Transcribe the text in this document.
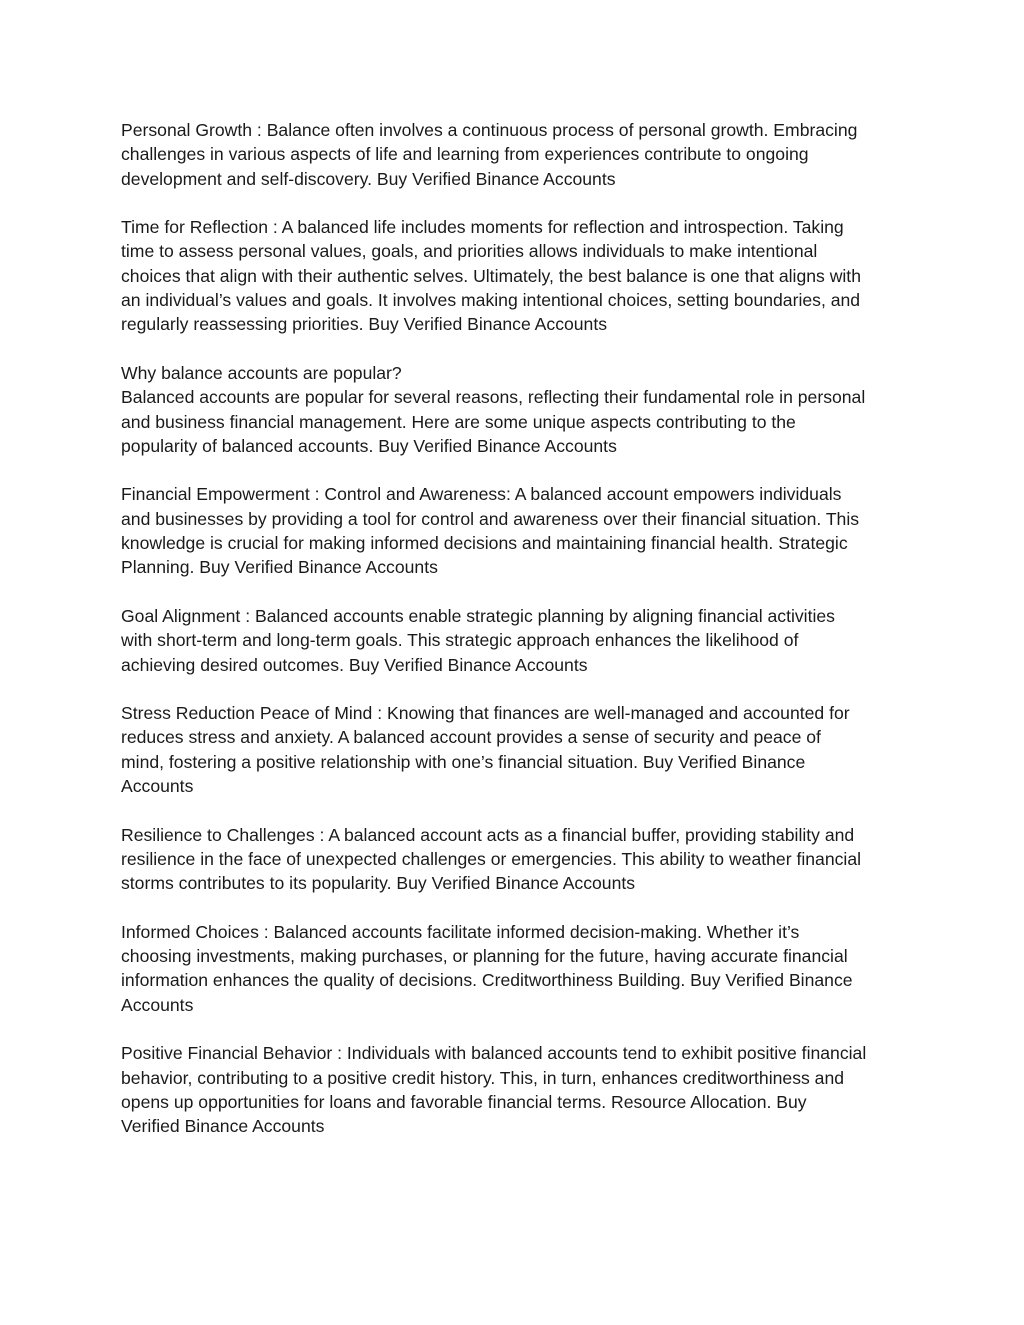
Personal Growth : Balance often involves a continuous process of personal growth. Embracing
challenges in various aspects of life and learning from experiences contribute to ongoing
development and self-discovery. Buy Verified Binance Accounts

Time for Reflection : A balanced life includes moments for reflection and introspection. Taking
time to assess personal values, goals, and priorities allows individuals to make intentional
choices that align with their authentic selves. Ultimately, the best balance is one that aligns with
an individual’s values and goals. It involves making intentional choices, setting boundaries, and
regularly reassessing priorities. Buy Verified Binance Accounts

Why balance accounts are popular?
Balanced accounts are popular for several reasons, reflecting their fundamental role in personal
and business financial management. Here are some unique aspects contributing to the
popularity of balanced accounts. Buy Verified Binance Accounts

Financial Empowerment : Control and Awareness: A balanced account empowers individuals
and businesses by providing a tool for control and awareness over their financial situation. This
knowledge is crucial for making informed decisions and maintaining financial health. Strategic
Planning. Buy Verified Binance Accounts

Goal Alignment : Balanced accounts enable strategic planning by aligning financial activities
with short-term and long-term goals. This strategic approach enhances the likelihood of
achieving desired outcomes. Buy Verified Binance Accounts

Stress Reduction Peace of Mind : Knowing that finances are well-managed and accounted for
reduces stress and anxiety. A balanced account provides a sense of security and peace of
mind, fostering a positive relationship with one’s financial situation. Buy Verified Binance
Accounts

Resilience to Challenges : A balanced account acts as a financial buffer, providing stability and
resilience in the face of unexpected challenges or emergencies. This ability to weather financial
storms contributes to its popularity. Buy Verified Binance Accounts

Informed Choices : Balanced accounts facilitate informed decision-making. Whether it’s
choosing investments, making purchases, or planning for the future, having accurate financial
information enhances the quality of decisions. Creditworthiness Building. Buy Verified Binance
Accounts

Positive Financial Behavior : Individuals with balanced accounts tend to exhibit positive financial
behavior, contributing to a positive credit history. This, in turn, enhances creditworthiness and
opens up opportunities for loans and favorable financial terms. Resource Allocation. Buy
Verified Binance Accounts
